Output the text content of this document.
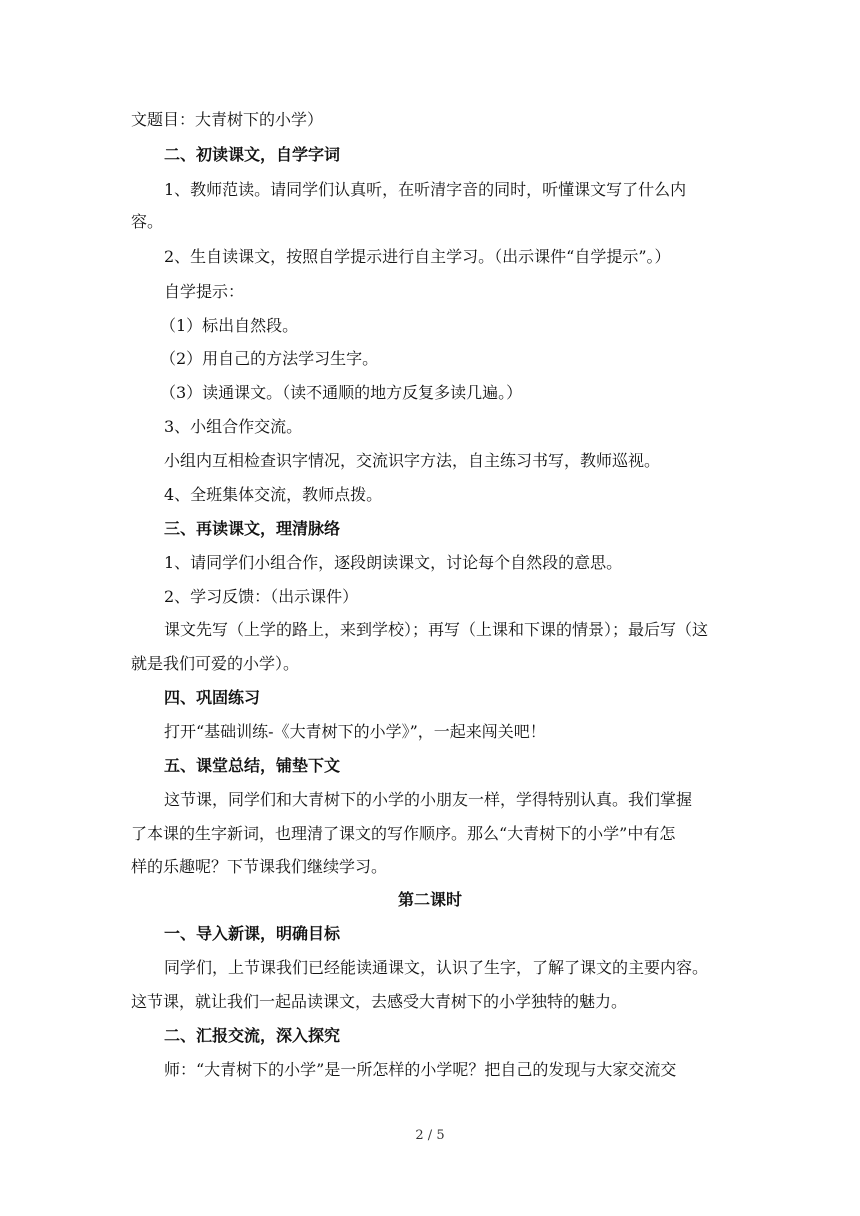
文题目：大青树下的小学）
二、初读课文，自学字词
1、教师范读。请同学们认真听，在听清字音的同时，听懂课文写了什么内
容。
2、生自读课文，按照自学提示进行自主学习。（出示课件“自学提示”。）
自学提示：
（1）标出自然段。
（2）用自己的方法学习生字。
（3）读通课文。（读不通顺的地方反复多读几遍。）
3、小组合作交流。
小组内互相检查识字情况，交流识字方法，自主练习书写，教师巡视。
4、全班集体交流，教师点拨。
三、再读课文，理清脉络
1、请同学们小组合作，逐段朗读课文，讨论每个自然段的意思。
2、学习反馈：（出示课件）
课文先写（上学的路上，来到学校）；再写（上课和下课的情景）；最后写（这
就是我们可爱的小学）。
四、巩固练习
打开“基础训练-《大青树下的小学》”，一起来闯关吧！
五、课堂总结，铺垫下文
这节课，同学们和大青树下的小学的小朋友一样，学得特别认真。我们掌握
了本课的生字新词，也理清了课文的写作顺序。那么“大青树下的小学”中有怎
样的乐趣呢？下节课我们继续学习。
第二课时
一、导入新课，明确目标
同学们，上节课我们已经能读通课文，认识了生字，了解了课文的主要内容。
这节课，就让我们一起品读课文，去感受大青树下的小学独特的魅力。
二、汇报交流，深入探究
师：“大青树下的小学”是一所怎样的小学呢？把自己的发现与大家交流交
2 / 5
